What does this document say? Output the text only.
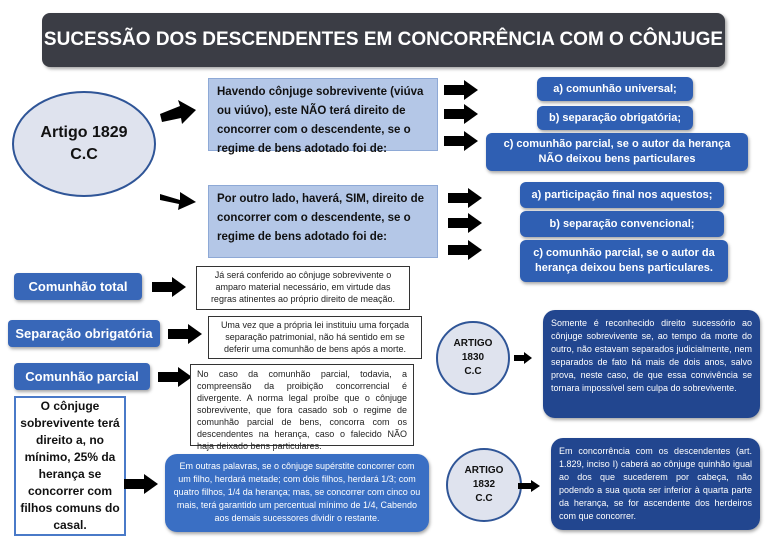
SUCESSÃO DOS DESCENDENTES EM CONCORRÊNCIA COM O CÔNJUGE
Artigo 1829
C.C
Havendo cônjuge sobrevivente (viúva ou viúvo), este NÃO terá direito de concorrer com o descendente, se o regime de bens adotado foi de:
Por outro lado, haverá, SIM, direito de concorrer com o descendente, se o regime de bens adotado foi de:
a) comunhão universal;
b) separação obrigatória;
c) comunhão parcial, se o autor da herança NÃO deixou bens particulares
a) participação final nos aquestos;
b) separação convencional;
c) comunhão parcial, se o autor da herança deixou bens particulares.
Comunhão total
Separação obrigatória
Comunhão parcial
Já será conferido ao cônjuge sobrevivente o amparo material necessário, em virtude das regras atinentes ao próprio direito de meação.
Uma vez que a própria lei instituiu uma forçada separação patrimonial, não há sentido em se deferir uma comunhão de bens após a morte.
No caso da comunhão parcial, todavia, a compreensão da proibição concorrencial é divergente. A norma legal proíbe que o cônjuge sobrevivente, que fora casado sob o regime de comunhão parcial de bens, concorra com os descendentes na herança, caso o falecido NÃO haja deixado bens particulares.
O cônjuge sobrevivente terá direito a, no mínimo, 25% da herança se concorrer com filhos comuns do casal.
Em outras palavras, se o cônjuge supérstite concorrer com um filho, herdará metade; com dois filhos, herdará 1/3; com quatro filhos, 1/4 da herança; mas, se concorrer com cinco ou mais, terá garantido um percentual mínimo de 1/4, Cabendo aos demais sucessores dividir o restante.
ARTIGO
1830
C.C
Somente é reconhecido direito sucessório ao cônjuge sobrevivente se, ao tempo da morte do outro, não estavam separados judicialmente, nem separados de fato há mais de dois anos, salvo prova, neste caso, de que essa convivência se tornara impossível sem culpa do sobrevivente.
ARTIGO
1832
C.C
Em concorrência com os descendentes (art. 1.829, inciso I) caberá ao cônjuge quinhão igual ao dos que sucederem por cabeça, não podendo a sua quota ser inferior à quarta parte da herança, se for ascendente dos herdeiros com que concorrer.
